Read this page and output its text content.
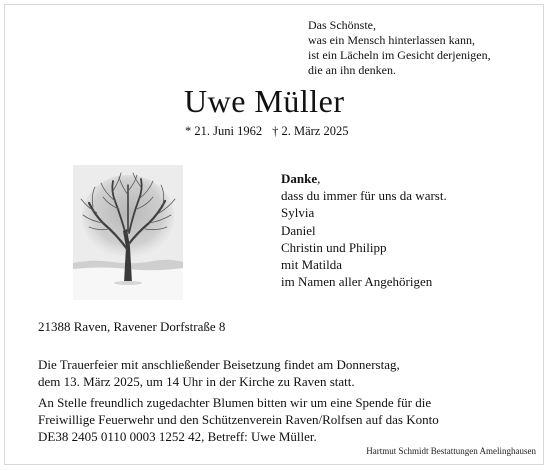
Das Schönste,
was ein Mensch hinterlassen kann,
ist ein Lächeln im Gesicht derjenigen,
die an ihn denken.
Uwe Müller
* 21. Juni 1962 † 2. März 2025
Danke,
dass du immer für uns da warst.
Sylvia
Daniel
Christin und Philipp
mit Matilda
im Namen aller Angehörigen
21388 Raven, Ravener Dorfstraße 8
Die Trauerfeier mit anschließender Beisetzung findet am Donnerstag,
dem 13. März 2025, um 14 Uhr in der Kirche zu Raven statt.
An Stelle freundlich zugedachter Blumen bitten wir um eine Spende für die
Freiwillige Feuerwehr und den Schützenverein Raven/Rolfsen auf das Konto
DE38 2405 0110 0003 1252 42, Betreff: Uwe Müller.
Hartmut Schmidt Bestattungen Amelinghausen
